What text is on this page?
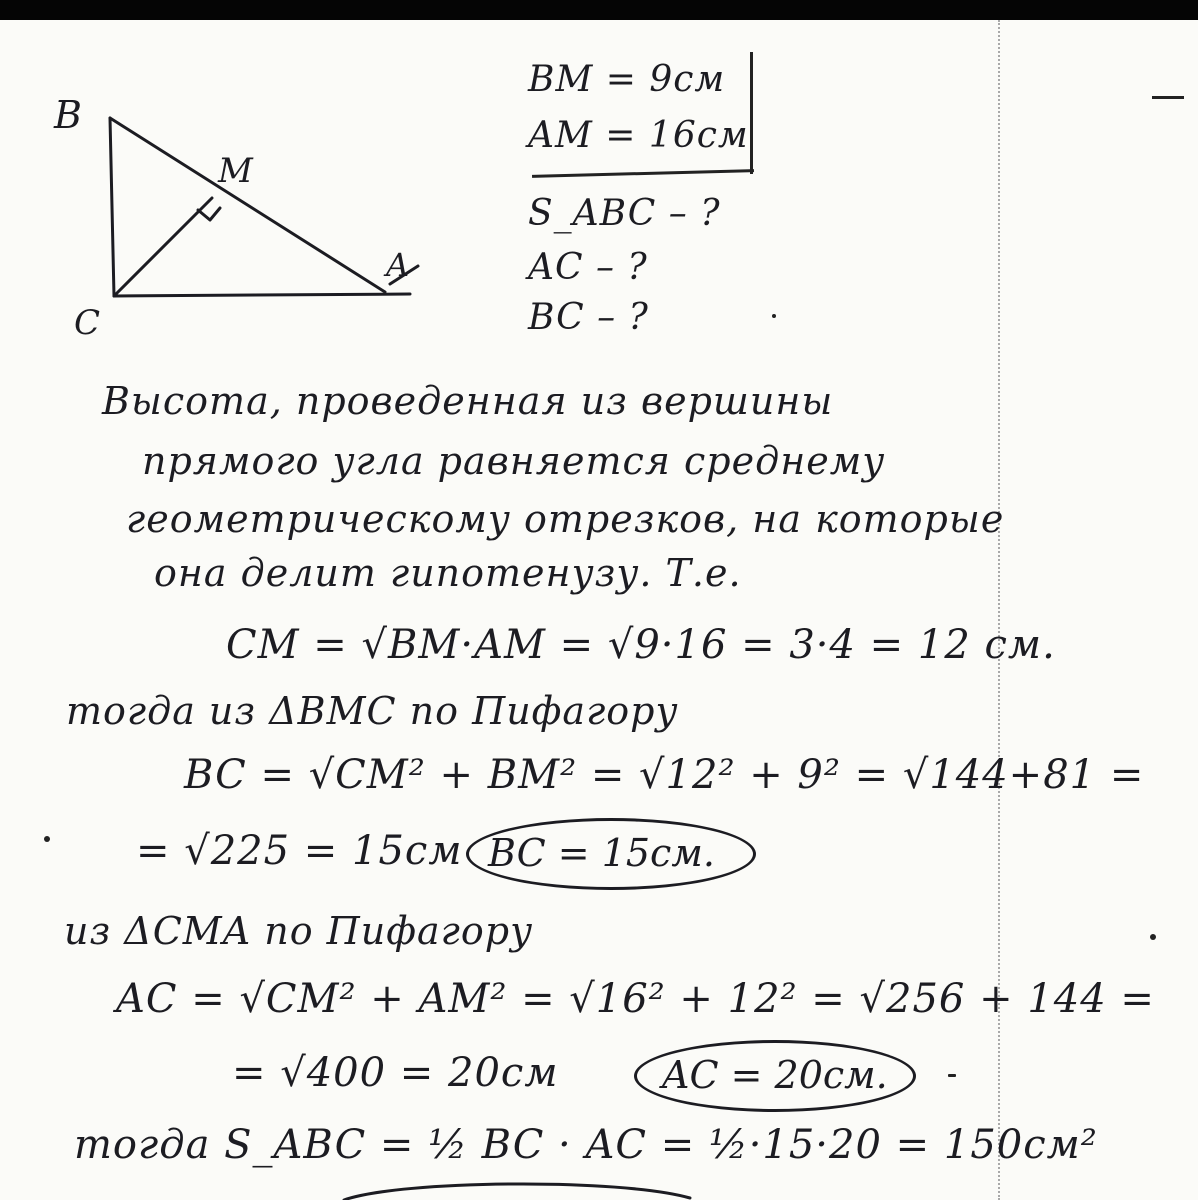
B
M
A
C
BM = 9см
AM = 16см
S_ABC – ?
AC – ?
BC – ?
Высота, проведенная из вершины
прямого угла равняется среднему
геометрическому отрезков, на которые
она делит гипотенузу. Т.е.
CM = √BM·AM = √9·16 = 3·4 = 12 см.
тогда из ΔBMC по Пифагору
BC = √CM² + BM² = √12² + 9² = √144+81 =
= √225 = 15см BC = 15см.
из ΔCMA по Пифагору
AC = √CM² + AM² = √16² + 12² = √256 + 144 =
= √400 = 20см	AC = 20см.
тогда S_ABC = ½ BC · AC = ½·15·20 = 150см²
